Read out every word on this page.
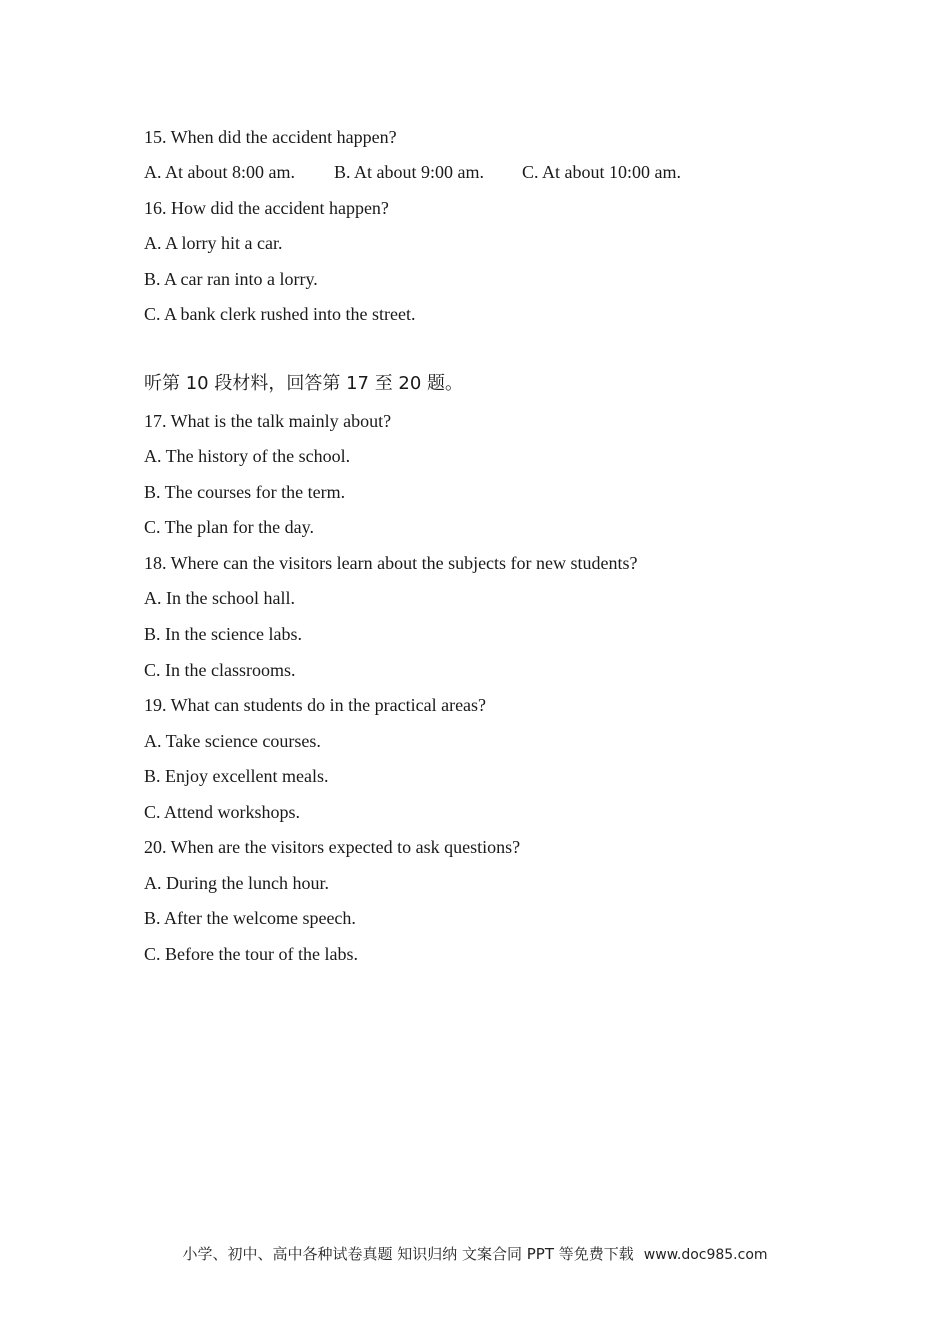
15. When did the accident happen?
A. At about 8:00 am. B. At about 9:00 am. C. At about 10:00 am.
16. How did the accident happen?
A. A lorry hit a car.
B. A car ran into a lorry.
C. A bank clerk rushed into the street.
听第 10 段材料，回答第 17 至 20 题。
17. What is the talk mainly about?
A. The history of the school.
B. The courses for the term.
C. The plan for the day.
18. Where can the visitors learn about the subjects for new students?
A. In the school hall.
B. In the science labs.
C. In the classrooms.
19. What can students do in the practical areas?
A. Take science courses.
B. Enjoy excellent meals.
C. Attend workshops.
20. When are the visitors expected to ask questions?
A. During the lunch hour.
B. After the welcome speech.
C. Before the tour of the labs.
小学、初中、高中各种试卷真题 知识归纳 文案合同 PPT 等免费下载 www.doc985.com
